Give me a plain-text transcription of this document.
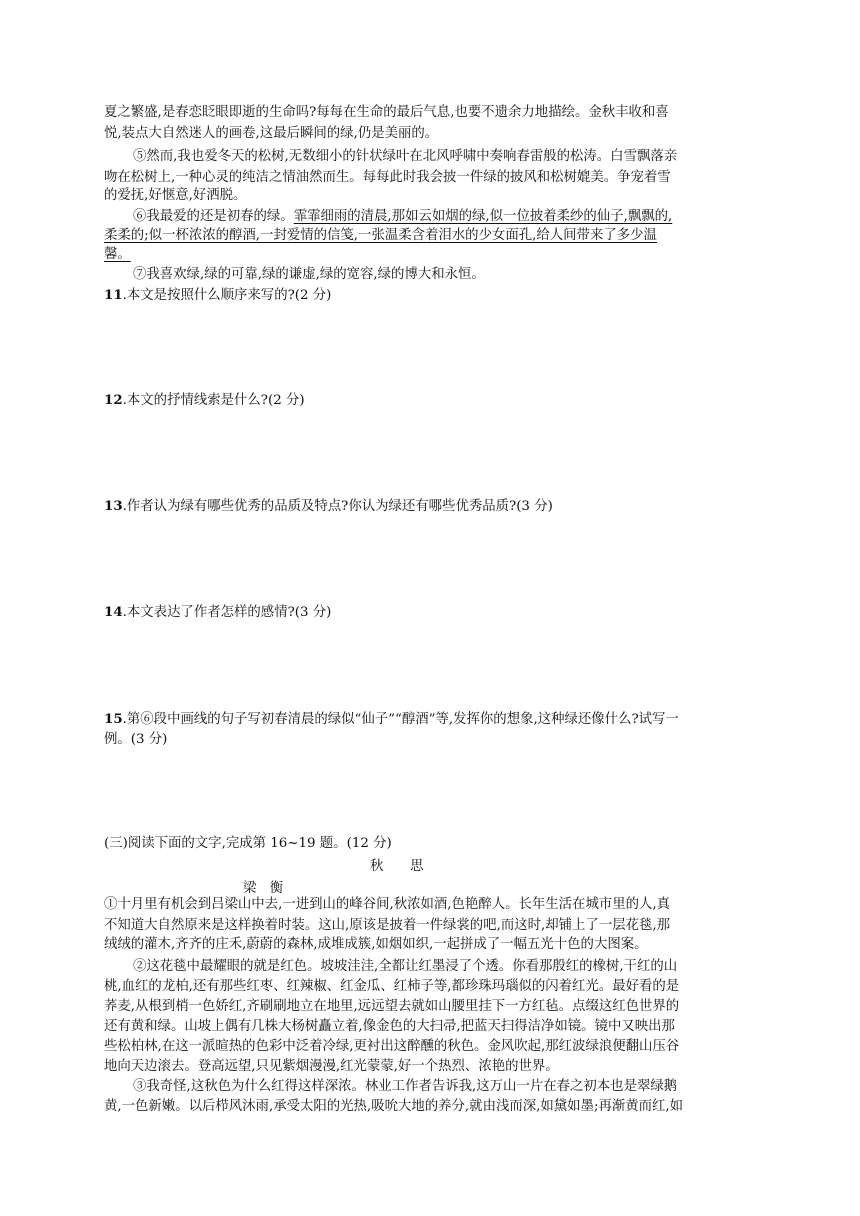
夏之繁盛,是春恋眨眼即逝的生命吗?每每在生命的最后气息,也要不遗余力地描绘。金秋丰收和喜
悦,装点大自然迷人的画卷,这最后瞬间的绿,仍是美丽的。
⑤然而,我也爱冬天的松树,无数细小的针状绿叶在北风呼啸中奏响春雷般的松涛。白雪飘落亲
吻在松树上,一种心灵的纯洁之情油然而生。每每此时我会披一件绿的披风和松树媲美。争宠着雪
的爱抚,好惬意,好洒脱。
⑥我最爱的还是初春的绿。霏霏细雨的清晨,那如云如烟的绿,似一位披着柔纱的仙子,飘飘的,
柔柔的;似一杯浓浓的醇酒,一封爱情的信笺,一张温柔含着泪水的少女面孔,给人间带来了多少温
馨。
⑦我喜欢绿,绿的可靠,绿的谦虚,绿的宽容,绿的博大和永恒。
11.本文是按照什么顺序来写的?(2 分)
12.本文的抒情线索是什么?(2 分)
13.作者认为绿有哪些优秀的品质及特点?你认为绿还有哪些优秀品质?(3 分)
14.本文表达了作者怎样的感情?(3 分)
15.第⑥段中画线的句子写初春清晨的绿似“仙子”“醇酒”等,发挥你的想象,这种绿还像什么?试写一
例。(3 分)
(三)阅读下面的文字,完成第 16~19 题。(12 分)
秋　　思
梁　衡
①十月里有机会到吕梁山中去,一进到山的峰谷间,秋浓如酒,色艳醉人。长年生活在城市里的人,真
不知道大自然原来是这样换着时装。这山,原该是披着一件绿裳的吧,而这时,却铺上了一层花毯,那
绒绒的灌木,齐齐的庄禾,蔚蔚的森林,成堆成簇,如烟如织,一起拼成了一幅五光十色的大图案。
②这花毯中最耀眼的就是红色。坡坡洼洼,全都让红墨浸了个透。你看那殷红的橡树,干红的山
桃,血红的龙柏,还有那些红枣、红辣椒、红金瓜、红柿子等,都珍珠玛瑙似的闪着红光。最好看的是
荞麦,从根到梢一色娇红,齐刷刷地立在地里,远远望去就如山腰里挂下一方红毡。点缀这红色世界的
还有黄和绿。山坡上偶有几株大杨树矗立着,像金色的大扫帚,把蓝天扫得洁净如镜。镜中又映出那
些松柏林,在这一派暄热的色彩中泛着冷绿,更衬出这醉醺的秋色。金风吹起,那红波绿浪便翻山压谷
地向天边滚去。登高远望,只见紫烟漫漫,红光蒙蒙,好一个热烈、浓艳的世界。
③我奇怪,这秋色为什么红得这样深浓。林业工作者告诉我,这万山一片在春之初本也是翠绿鹅
黄,一色新嫩。以后栉风沐雨,承受太阳的光热,吸吮大地的养分,就由浅而深,如黛如墨;再渐黄而红,如
